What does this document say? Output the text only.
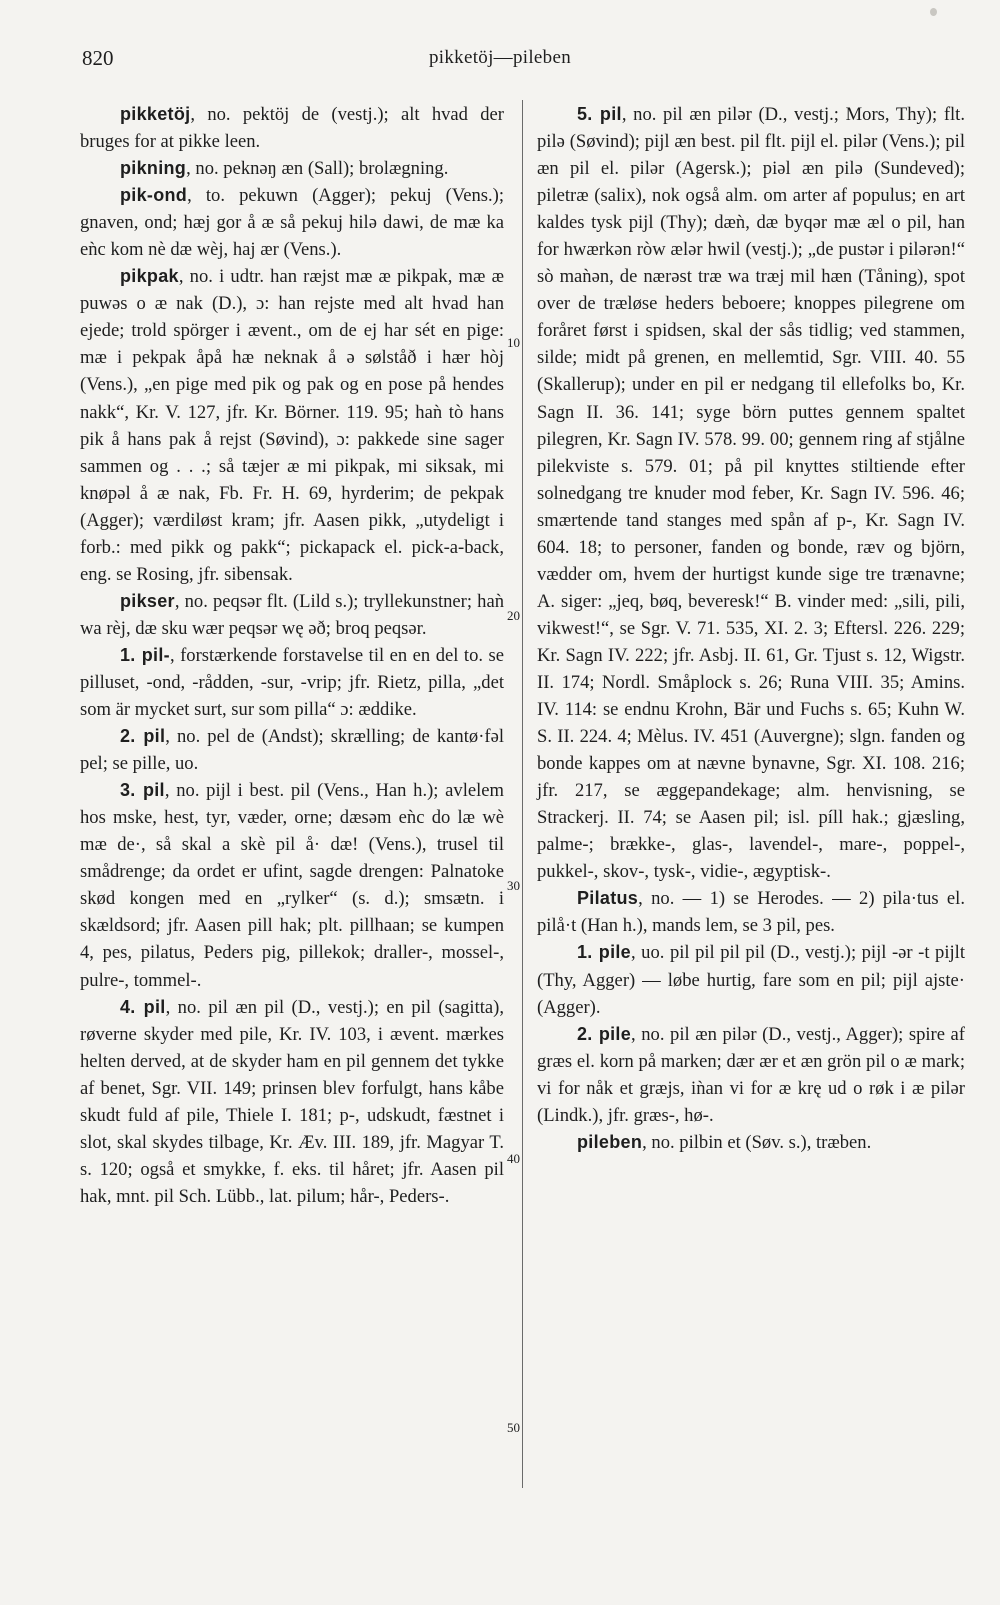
820	pikketöj—pileben
10
20
30
40
50

pikketöj, no. pektöj de (vestj.); alt hvad der bruges for at pikke leen.

pikning, no. peknəŋ æn (Sall); brolægning.

pik-ond, to. pekuwn (Agger); pekuj (Vens.); gnaven, ond; hæj gor å æ så pekuj hilə dawi, de mæ ka eǹc kom nè dæ wèj, haj ær (Vens.).

pikpak, no. i udtr. han ræjst mæ æ pikpak, mæ æ puwəs o æ nak (D.), ɔ: han rejste med alt hvad han ejede; trold spörger i ævent., om de ej har sét en pige: mæ i pekpak åpå hæ neknak å ə sølståð i hær hòj (Vens.), „en pige med pik og pak og en pose på hendes nakk“, Kr. V. 127, jfr. Kr. Börner. 119. 95; haǹ tò hans pik å hans pak å rejst (Søvind), ɔ: pakkede sine sager sammen og . . .; så tæjer æ mi pikpak, mi siksak, mi knøpəl å æ nak, Fb. Fr. H. 69, hyrderim; de pekpak (Agger); værdiløst kram; jfr. Aasen pikk, „utydeligt i forb.: med pikk og pakk“; pickapack el. pick-a-back, eng. se Rosing, jfr. sibensak.

pikser, no. peqsər flt. (Lild s.); tryllekunstner; haǹ wa rèj, dæ sku wær peqsər wę əð; broq peqsər.

1. pil-, forstærkende forstavelse til en en del to. se pilluset, -ond, -rådden, -sur, -vrip; jfr. Rietz, pilla, „det som är mycket surt, sur som pilla“ ɔ: æddike.

2. pil, no. pel de (Andst); skrælling; de kantø·fəl pel; se pille, uo.

3. pil, no. pijl i best. pil (Vens., Han h.); avlelem hos mske, hest, tyr, væder, orne; dæsəm eǹc do læ wè mæ de·, så skal a skè pil å· dæ! (Vens.), trusel til smådrenge; da ordet er ufint, sagde drengen: Palnatoke skød kongen med en „rylker“ (s. d.); smsætn. i skældsord; jfr. Aasen pill hak; plt. pillhaan; se kumpen 4, pes, pilatus, Peders pig, pillekok; draller-, mossel-, pulre-, tommel-.

4. pil, no. pil æn pil (D., vestj.); en pil (sagitta), røverne skyder med pile, Kr. IV. 103, i ævent. mærkes helten derved, at de skyder ham en pil gennem det tykke af benet, Sgr. VII. 149; prinsen blev forfulgt, hans kåbe skudt fuld af pile, Thiele I. 181; p-, udskudt, fæstnet i slot, skal skydes tilbage, Kr. Æv. III. 189, jfr. Magyar T. s. 120; også et smykke, f. eks. til håret; jfr. Aasen pil hak, mnt. pil Sch. Lübb., lat. pilum; hår-, Peders-.

5. pil, no. pil æn pilər (D., vestj.; Mors, Thy); flt. pilə (Søvind); pijl æn best. pil flt. pijl el. pilər (Vens.); pil æn pil el. pilər (Agersk.); piəl æn pilə (Sundeved); piletræ (salix), nok også alm. om arter af populus; en art kaldes tysk pijl (Thy); dæǹ, dæ byqər mæ æl o pil, han for hwærkən ròw ælər hwil (vestj.); „de pustər i pilərən!“ sò maǹən, de nærəst træ wa træj mil hæn (Tåning), spot over de træløse heders beboere; knoppes pilegrene om foråret først i spidsen, skal der sås tidlig; ved stammen, silde; midt på grenen, en mellemtid, Sgr. VIII. 40. 55 (Skallerup); under en pil er nedgang til ellefolks bo, Kr. Sagn II. 36. 141; syge börn puttes gennem spaltet pilegren, Kr. Sagn IV. 578. 99. 00; gennem ring af stjålne pilekviste s. 579. 01; på pil knyttes stiltiende efter solnedgang tre knuder mod feber, Kr. Sagn IV. 596. 46; smærtende tand stanges med spån af p-, Kr. Sagn IV. 604. 18; to personer, fanden og bonde, ræv og björn, vædder om, hvem der hurtigst kunde sige tre trænavne; A. siger: „jeq, bøq, beveresk!“ B. vinder med: „sili, pili, vikwest!“, se Sgr. V. 71. 535, XI. 2. 3; Eftersl. 226. 229; Kr. Sagn IV. 222; jfr. Asbj. II. 61, Gr. Tjust s. 12, Wigstr. II. 174; Nordl. Småplock s. 26; Runa VIII. 35; Amins. IV. 114: se endnu Krohn, Bär und Fuchs s. 65; Kuhn W. S. II. 224. 4; Mèlus. IV. 451 (Auvergne); slgn. fanden og bonde kappes om at nævne bynavne, Sgr. XI. 108. 216; jfr. 217, se æggepandekage; alm. henvisning, se Strackerj. II. 74; se Aasen pil; isl. píll hak.; gjæsling, palme-; brække-, glas-, lavendel-, mare-, poppel-, pukkel-, skov-, tysk-, vidie-, ægyptisk-.

Pilatus, no. — 1) se Herodes. — 2) pila·tus el. pilå·t (Han h.), mands lem, se 3 pil, pes.

1. pile, uo. pil pil pil pil (D., vestj.); pijl -ər -t pijlt (Thy, Agger) — løbe hurtig, fare som en pil; pijl ajste· (Agger).

2. pile, no. pil æn pilər (D., vestj., Agger); spire af græs el. korn på marken; dær ær et æn grön pil o æ mark; vi for nåk et græjs, iǹan vi for æ krę ud o røk i æ pilər (Lindk.), jfr. græs-, hø-.

pileben, no. pilbin et (Søv. s.), træben.
